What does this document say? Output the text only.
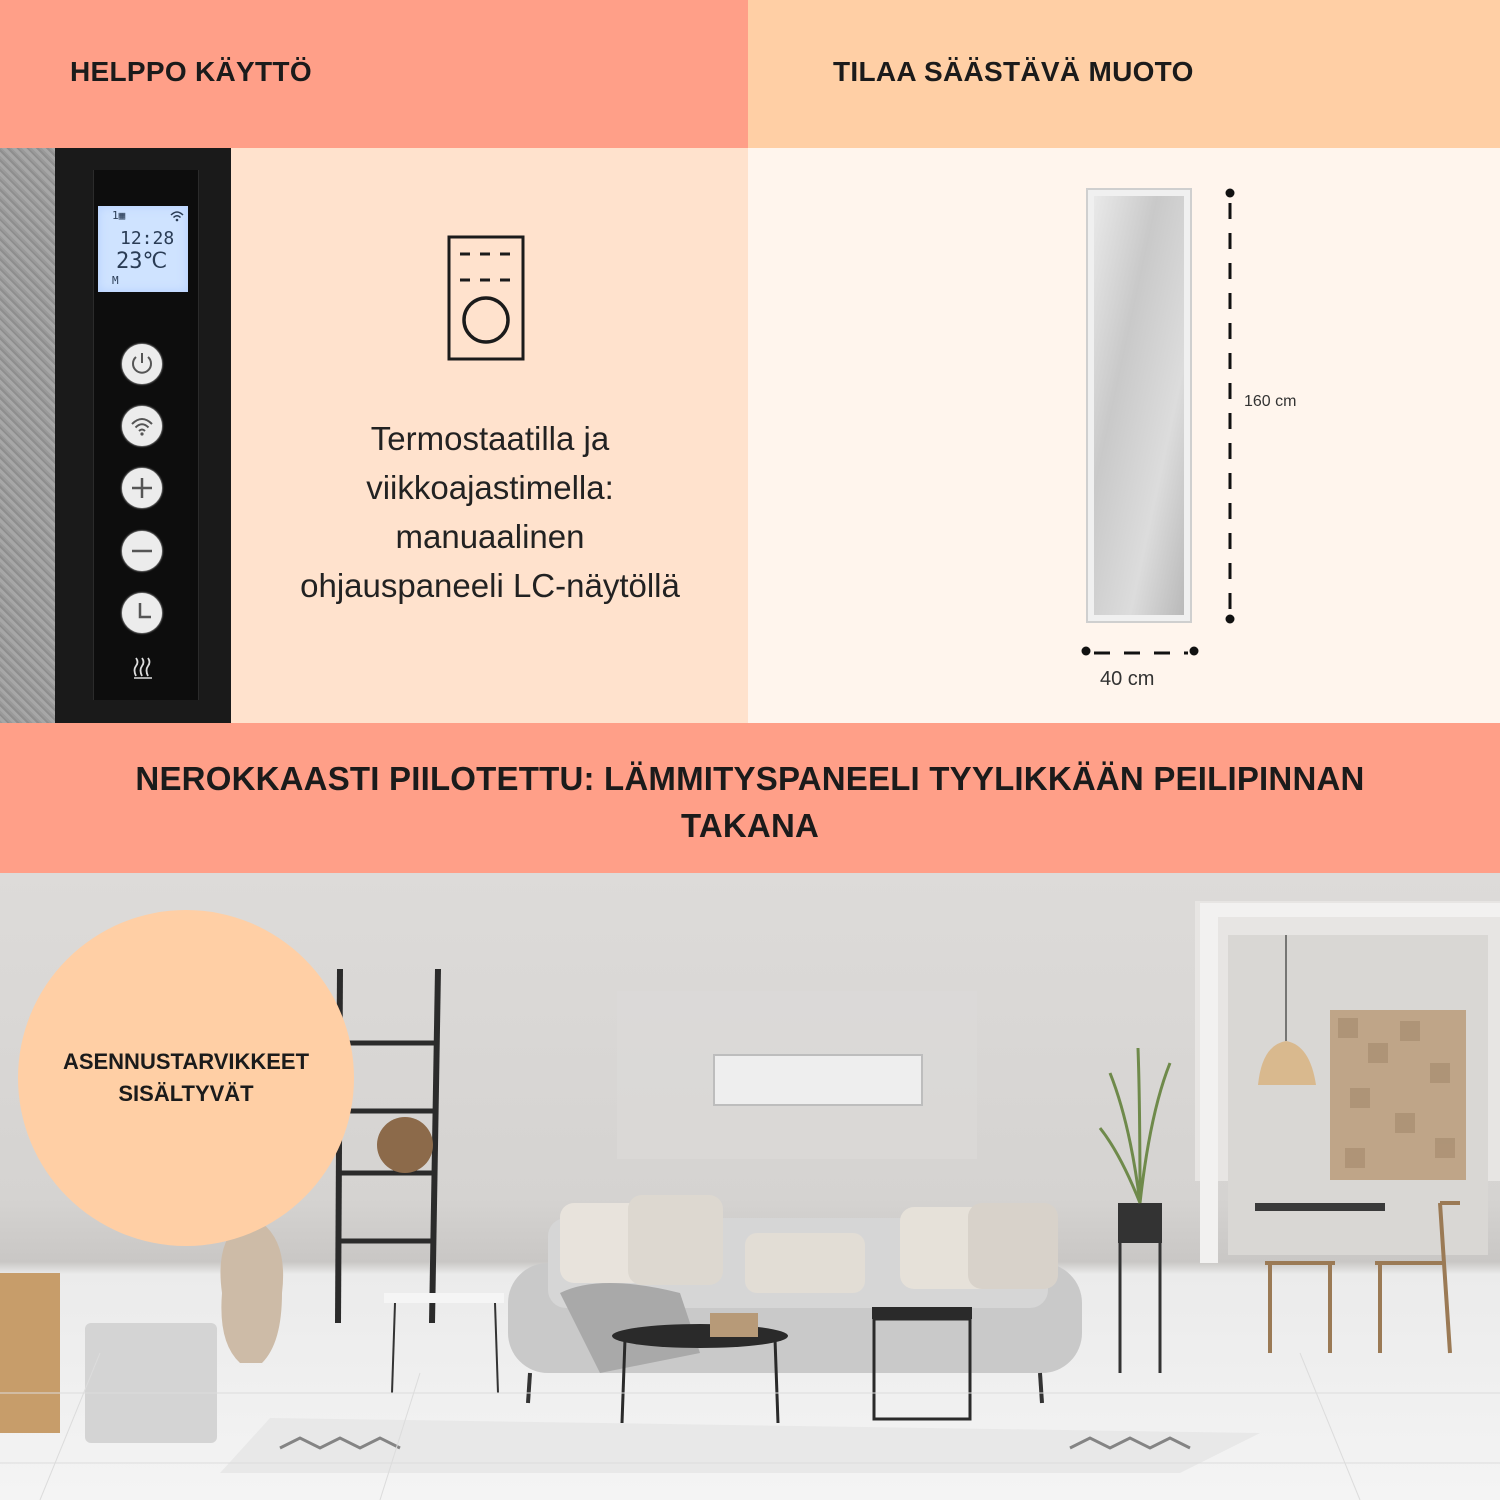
HELPPO KÄYTTÖ	TILAA SÄÄSTÄVÄ MUOTO
1▦
12:28
23℃
M
Termostaatilla ja
viikkoajastimella:
manuaalinen
ohjauspaneeli LC-näytöllä
160 cm
40 cm
NEROKKAASTI PIILOTETTU: LÄMMITYSPANEELI TYYLIKKÄÄN PEILIPINNAN
TAKANA
ASENNUSTARVIKKEET
SISÄLTYVÄT
